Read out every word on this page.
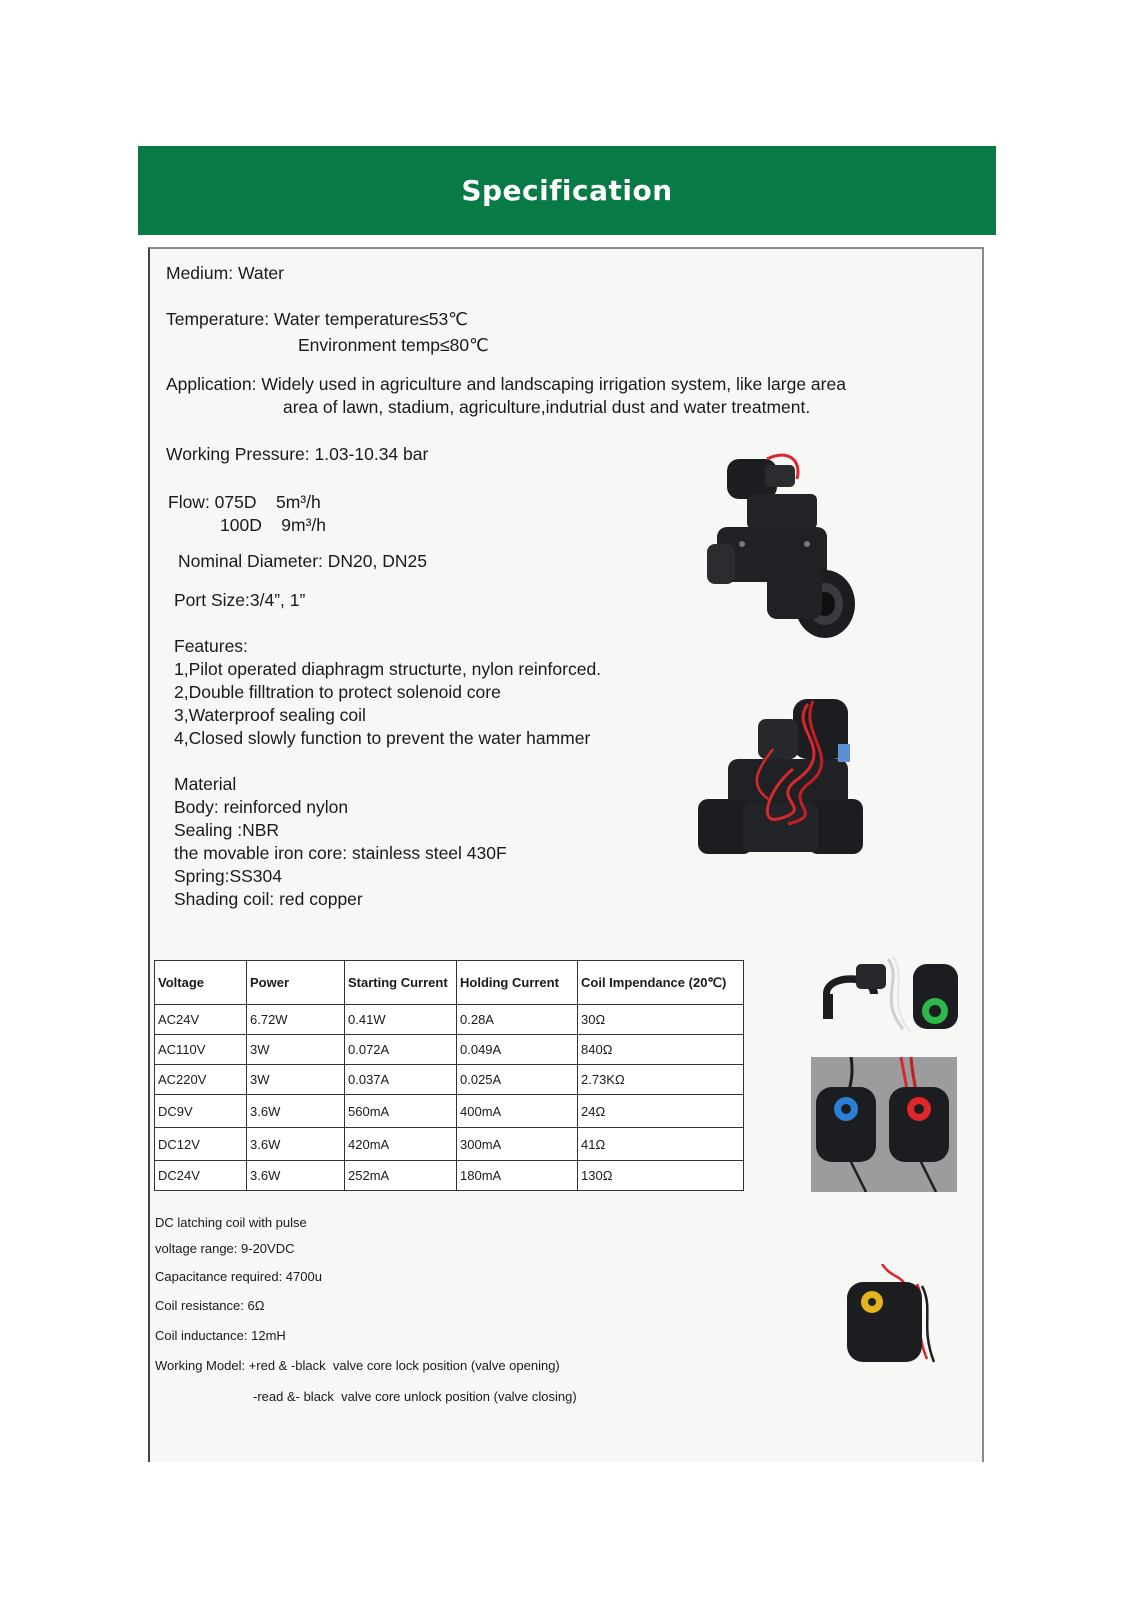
Specification
Medium: Water
Temperature: Water temperature≤53℃
Environment temp≤80℃
Application: Widely used in agriculture and landscaping irrigation system, like large area
area of lawn, stadium, agriculture,indutrial dust and water treatment.
Working Pressure: 1.03-10.34 bar
Flow: 075D    5m³/h
100D    9m³/h
Nominal Diameter: DN20, DN25
Port Size:3/4”, 1”
Features:
1,Pilot operated diaphragm structurte, nylon reinforced.
2,Double filltration to protect solenoid core
3,Waterproof sealing coil
4,Closed slowly function to prevent the water hammer
Material
Body: reinforced nylon
Sealing :NBR
the movable iron core: stainless steel 430F
Spring:SS304
Shading coil: red copper
Voltage	Power	Starting Current	Holding Current	Coil Impendance (20℃)
AC24V	6.72W	0.41W	0.28A	30Ω
AC110V	3W	0.072A	0.049A	840Ω
AC220V	3W	0.037A	0.025A	2.73KΩ
DC9V	3.6W	560mA	400mA	24Ω
DC12V	3.6W	420mA	300mA	41Ω
DC24V	3.6W	252mA	180mA	130Ω
DC latching coil with pulse
voltage range: 9-20VDC
Capacitance required: 4700u
Coil resistance: 6Ω
Coil inductance: 12mH
Working Model: +red & -black  valve core lock position (valve opening)
-read &- black  valve core unlock position (valve closing)
